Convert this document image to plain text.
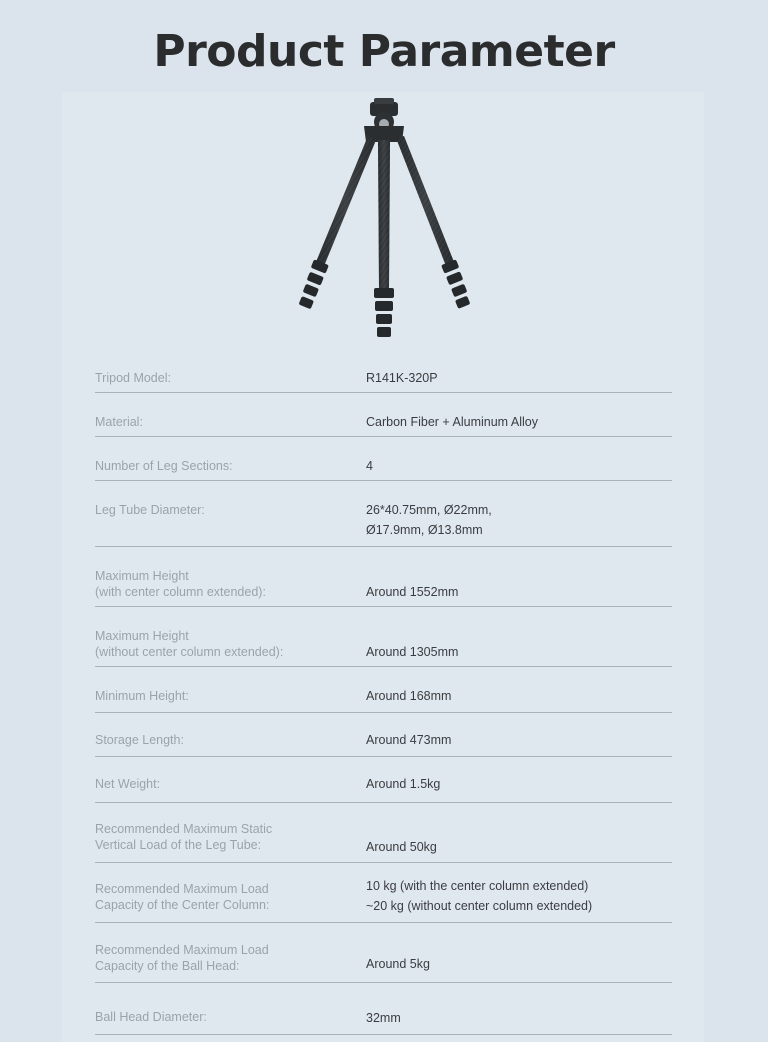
Product Parameter
Tripod Model:	R141K-320P
Material:	Carbon Fiber + Aluminum Alloy
Number of Leg Sections:	4
Leg Tube Diameter:	26*40.75mm, Ø22mm,
Ø17.9mm, Ø13.8mm
Maximum Height
(with center column extended):	Around 1552mm
Maximum Height
(without center column extended):	Around 1305mm
Minimum Height:	Around 168mm
Storage Length:	Around 473mm
Net Weight:	Around 1.5kg
Recommended Maximum Static
Vertical Load of the Leg Tube:	Around 50kg
Recommended Maximum Load
Capacity of the Center Column:
10 kg (with the center column extended)
~20 kg (without center column extended)
Recommended Maximum Load
Capacity of the Ball Head:	Around 5kg
Ball Head Diameter:	32mm
